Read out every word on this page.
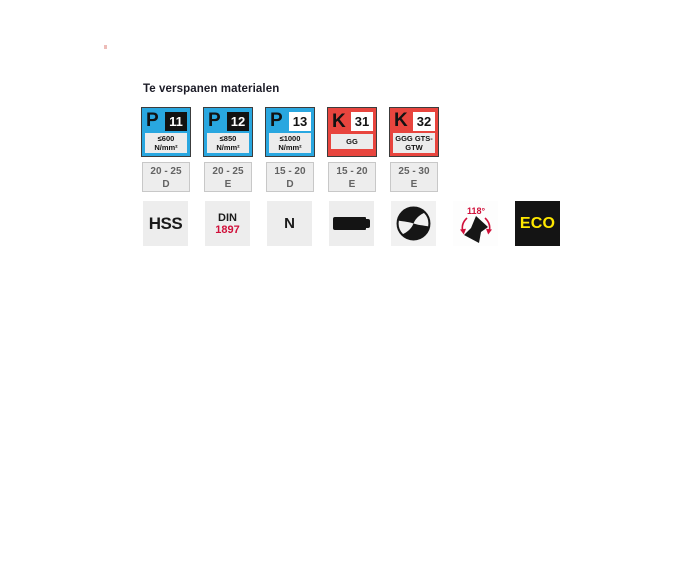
Te verspanen materialen
P 11
≤600 N/mm²
P 12
≤850 N/mm²
P 13
≤1000 N/mm²
K 31
GG
K 32
GGG GTS-GTW
20 - 25
D
20 - 25
E
15 - 20
D
15 - 20
E
25 - 30
E
HSS	DIN
1897	N
118°
ECO
